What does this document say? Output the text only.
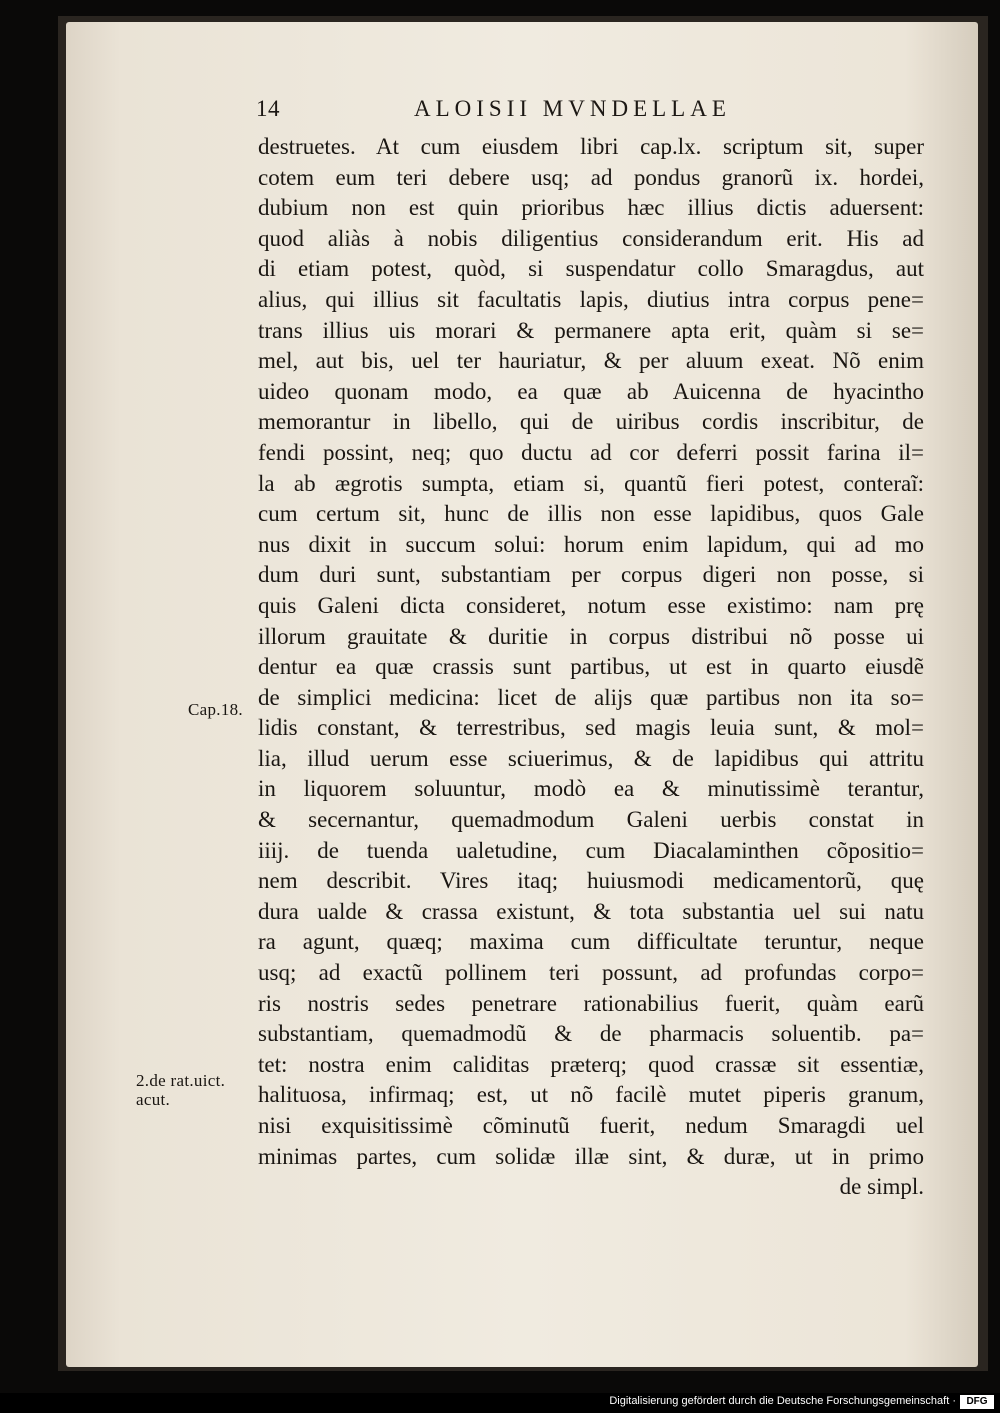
14	ALOISII MVNDELLAE
destruetes. At cum eiusdem libri cap.lx. scriptum sit, super
cotem eum teri debere usq; ad pondus granorũ ix. hordei,
dubium non est quin prioribus hæc illius dictis aduersent:
quod aliàs à nobis diligentius considerandum erit. His ad
di etiam potest, quòd, si suspendatur collo Smaragdus, aut
alius, qui illius sit facultatis lapis, diutius intra corpus pene=
trans illius uis morari & permanere apta erit, quàm si se=
mel, aut bis, uel ter hauriatur, & per aluum exeat. Nõ enim
uideo quonam modo, ea quæ ab Auicenna de hyacintho
memorantur in libello, qui de uiribus cordis inscribitur, de
fendi possint, neq; quo ductu ad cor deferri possit farina il=
la ab ægrotis sumpta, etiam si, quantũ fieri potest, conteraĩ:
cum certum sit, hunc de illis non esse lapidibus, quos Gale
nus dixit in succum solui: horum enim lapidum, qui ad mo
dum duri sunt, substantiam per corpus digeri non posse, si
quis Galeni dicta consideret, notum esse existimo: nam prę
illorum grauitate & duritie in corpus distribui nõ posse ui
dentur ea quæ crassis sunt partibus, ut est in quarto eiusdẽ
de simplici medicina: licet de alijs quæ partibus non ita so=
lidis constant, & terrestribus, sed magis leuia sunt, & mol=
lia, illud uerum esse sciuerimus, & de lapidibus qui attritu
in liquorem soluuntur, modò ea & minutissimè terantur,
& secernantur, quemadmodum Galeni uerbis constat in
iiij. de tuenda ualetudine, cum Diacalaminthen cõpositio=
nem describit. Vires itaq; huiusmodi medicamentorũ, quę
dura ualde & crassa existunt, & tota substantia uel sui natu
ra agunt, quæq; maxima cum difficultate teruntur, neque
usq; ad exactũ pollinem teri possunt, ad profundas corpo=
ris nostris sedes penetrare rationabilius fuerit, quàm earũ
substantiam, quemadmodũ & de pharmacis soluentib. pa=
tet: nostra enim caliditas præterq; quod crassæ sit essentiæ,
halituosa, infirmaq; est, ut nõ facilè mutet piperis granum,
nisi exquisitissimè cõminutũ fuerit, nedum Smaragdi uel
minimas partes, cum solidæ illæ sint, & duræ, ut in primo
de simpl.
Cap.18.
2.de rat.uict.
acut.
Digitalisierung gefördert durch die Deutsche Forschungsgemeinschaft ·	DFG
